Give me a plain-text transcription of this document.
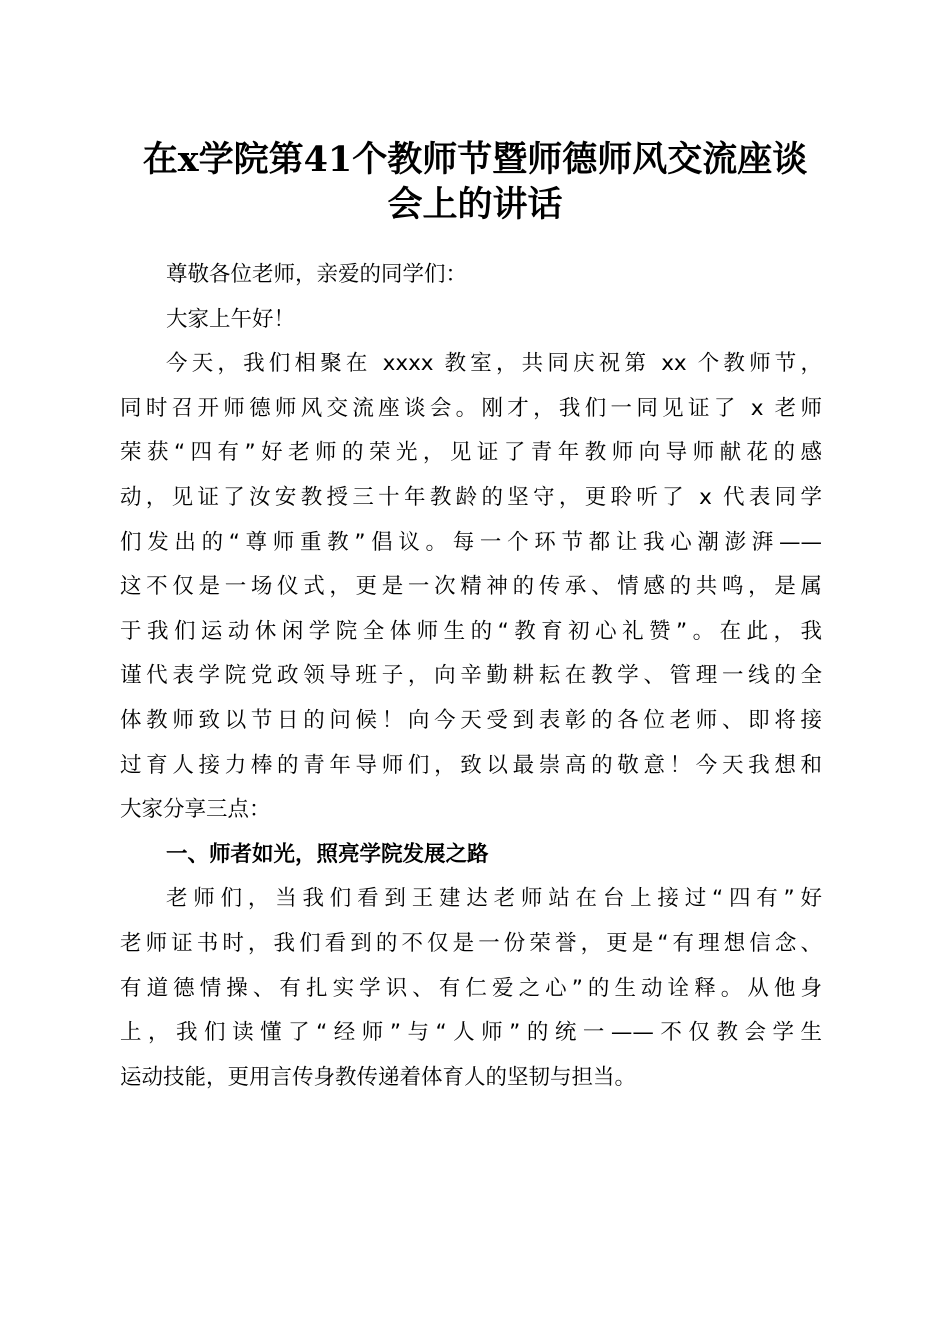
在x学院第41个教师节暨师德师风交流座谈
会上的讲话
尊敬各位老师，亲爱的同学们：
大家上午好！
今天，我们相聚在 xxxx 教室，共同庆祝第 xx 个教师节，
同时召开师德师风交流座谈会。刚才，我们一同见证了 x 老师
荣获“四有”好老师的荣光，见证了青年教师向导师献花的感
动，见证了汝安教授三十年教龄的坚守，更聆听了 x 代表同学
们发出的“尊师重教”倡议。每一个环节都让我心潮澎湃——
这不仅是一场仪式，更是一次精神的传承、情感的共鸣，是属
于我们运动休闲学院全体师生的“教育初心礼赞”。在此，我
谨代表学院党政领导班子，向辛勤耕耘在教学、管理一线的全
体教师致以节日的问候！向今天受到表彰的各位老师、即将接
过育人接力棒的青年导师们，致以最崇高的敬意！今天我想和
大家分享三点：
一、师者如光，照亮学院发展之路
老师们，当我们看到王建达老师站在台上接过“四有”好
老师证书时，我们看到的不仅是一份荣誉，更是“有理想信念、
有道德情操、有扎实学识、有仁爱之心”的生动诠释。从他身
上，我们读懂了“经师”与“人师”的统一——不仅教会学生
运动技能，更用言传身教传递着体育人的坚韧与担当。
